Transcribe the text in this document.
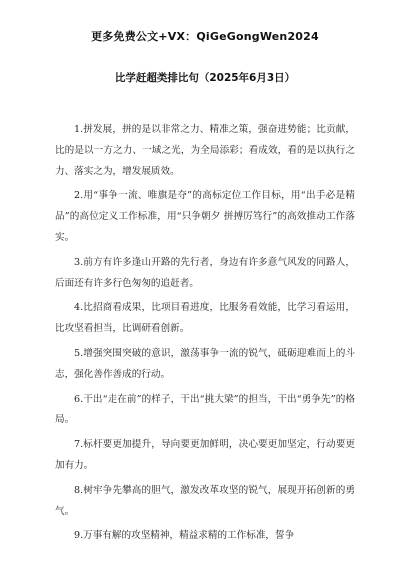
更多免费公文+VX：QiGeGongWen2024
比学赶超类排比句（2025年6月3日）

1.拼发展，拼的是以非常之力、精准之策，强奋进势能；比贡献，比的是以一方之力、一域之光，为全局添彩；看成效，看的是以执行之力、落实之为，增发展质效。

2.用“事争一流、唯旗是夺”的高标定位工作目标，用“出手必是精品”的高位定义工作标准，用“只争朝夕 拼搏厉笃行”的高效推动工作落实。

3.前方有许多逢山开路的先行者，身边有许多意气风发的同路人，后面还有许多行色匆匆的追赶者。

4.比招商看成果，比项目看进度，比服务看效能，比学习看运用，比攻坚看担当，比调研看创新。

5.增强突围突破的意识，激荡事争一流的锐气，砥砺迎难而上的斗志，强化善作善成的行动。

6.干出“走在前”的样子，干出“挑大梁”的担当，干出“勇争先”的格局。

7.标杆要更加提升，导向要更加鲜明，决心要更加坚定，行动要更加有力。

8.树牢争先攀高的胆气，激发改革攻坚的锐气，展现开拓创新的勇气。

9.万事有解的攻坚精神，精益求精的工作标准，誓争
